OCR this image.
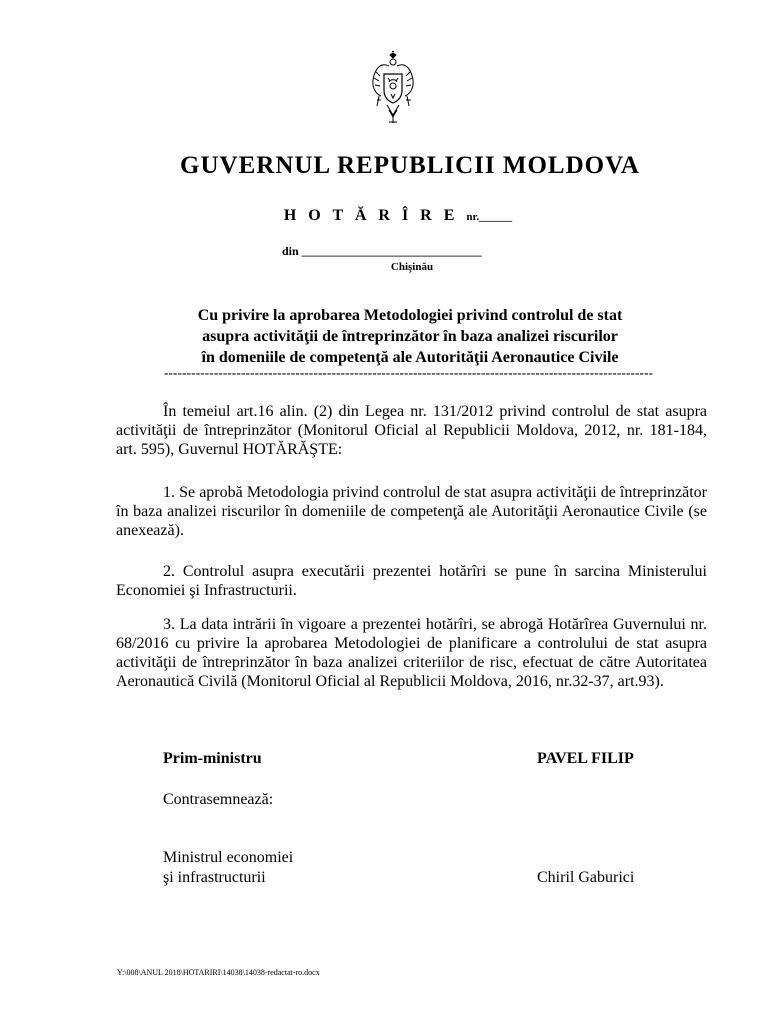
GUVERNUL REPUBLICII MOLDOVA
H O T Ă R Î R E nr.______
din ______________________________
Chişinău
Cu privire la aprobarea Metodologiei privind controlul de stat
asupra activităţii de întreprinzător în baza analizei riscurilor
în domeniile de competenţă ale Autorităţii Aeronautice Civile
------------------------------------------------------------------------------------------------------------
În temeiul art.16 alin. (2) din Legea nr. 131/2012 privind controlul de stat asupra activităţii de întreprinzător (Monitorul Oficial al Republicii Moldova, 2012, nr. 181-184, art. 595), Guvernul HOTĂRĂŞTE:
1. Se aprobă Metodologia privind controlul de stat asupra activităţii de întreprinzător în baza analizei riscurilor în domeniile de competenţă ale Autorităţii Aeronautice Civile (se anexează).
2. Controlul asupra executării prezentei hotărîri se pune în sarcina Ministerului Economiei şi Infrastructurii.
3. La data intrării în vigoare a prezentei hotărîri, se abrogă Hotărîrea Guvernului nr. 68/2016 cu privire la aprobarea Metodologiei de planificare a controlului de stat asupra activităţii de întreprinzător în baza analizei criteriilor de risc, efectuat de către Autoritatea Aeronautică Civilă (Monitorul Oficial al Republicii Moldova, 2016, nr.32-37, art.93).
Prim-ministru	PAVEL FILIP
Contrasemnează:
Ministrul economiei
şi infrastructurii	Chiril Gaburici
Y:\008\ANUL 2018\HOTARIRI\14038\14038-redactat-ro.docx
